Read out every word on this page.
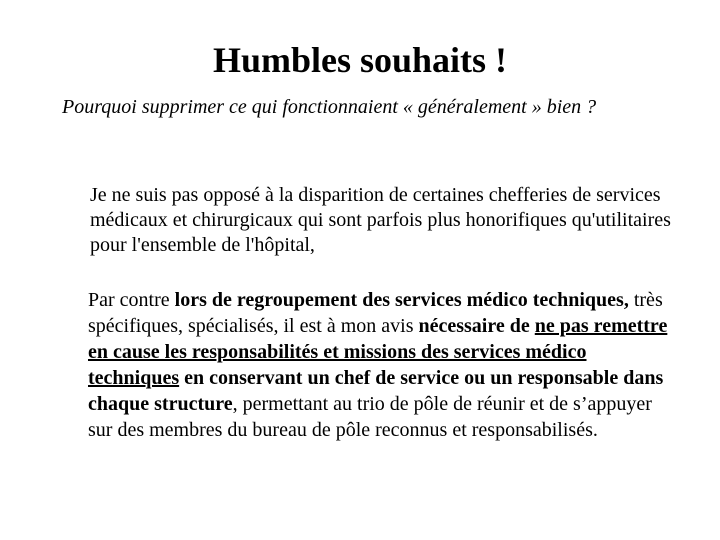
Humbles souhaits !

Pourquoi supprimer ce qui fonctionnaient « généralement » bien ?

Je ne suis pas opposé à la disparition de certaines chefferies de services médicaux et chirurgicaux qui sont parfois plus honorifiques qu'utilitaires pour l'ensemble de l'hôpital,

Par contre lors de regroupement des services médico techniques, très spécifiques, spécialisés, il est à mon avis nécessaire de ne pas remettre en cause les responsabilités et missions des services médico techniques en conservant un chef de service ou un responsable dans chaque structure, permettant au trio de pôle de réunir et de s’appuyer sur des membres du bureau de pôle reconnus et responsabilisés.
